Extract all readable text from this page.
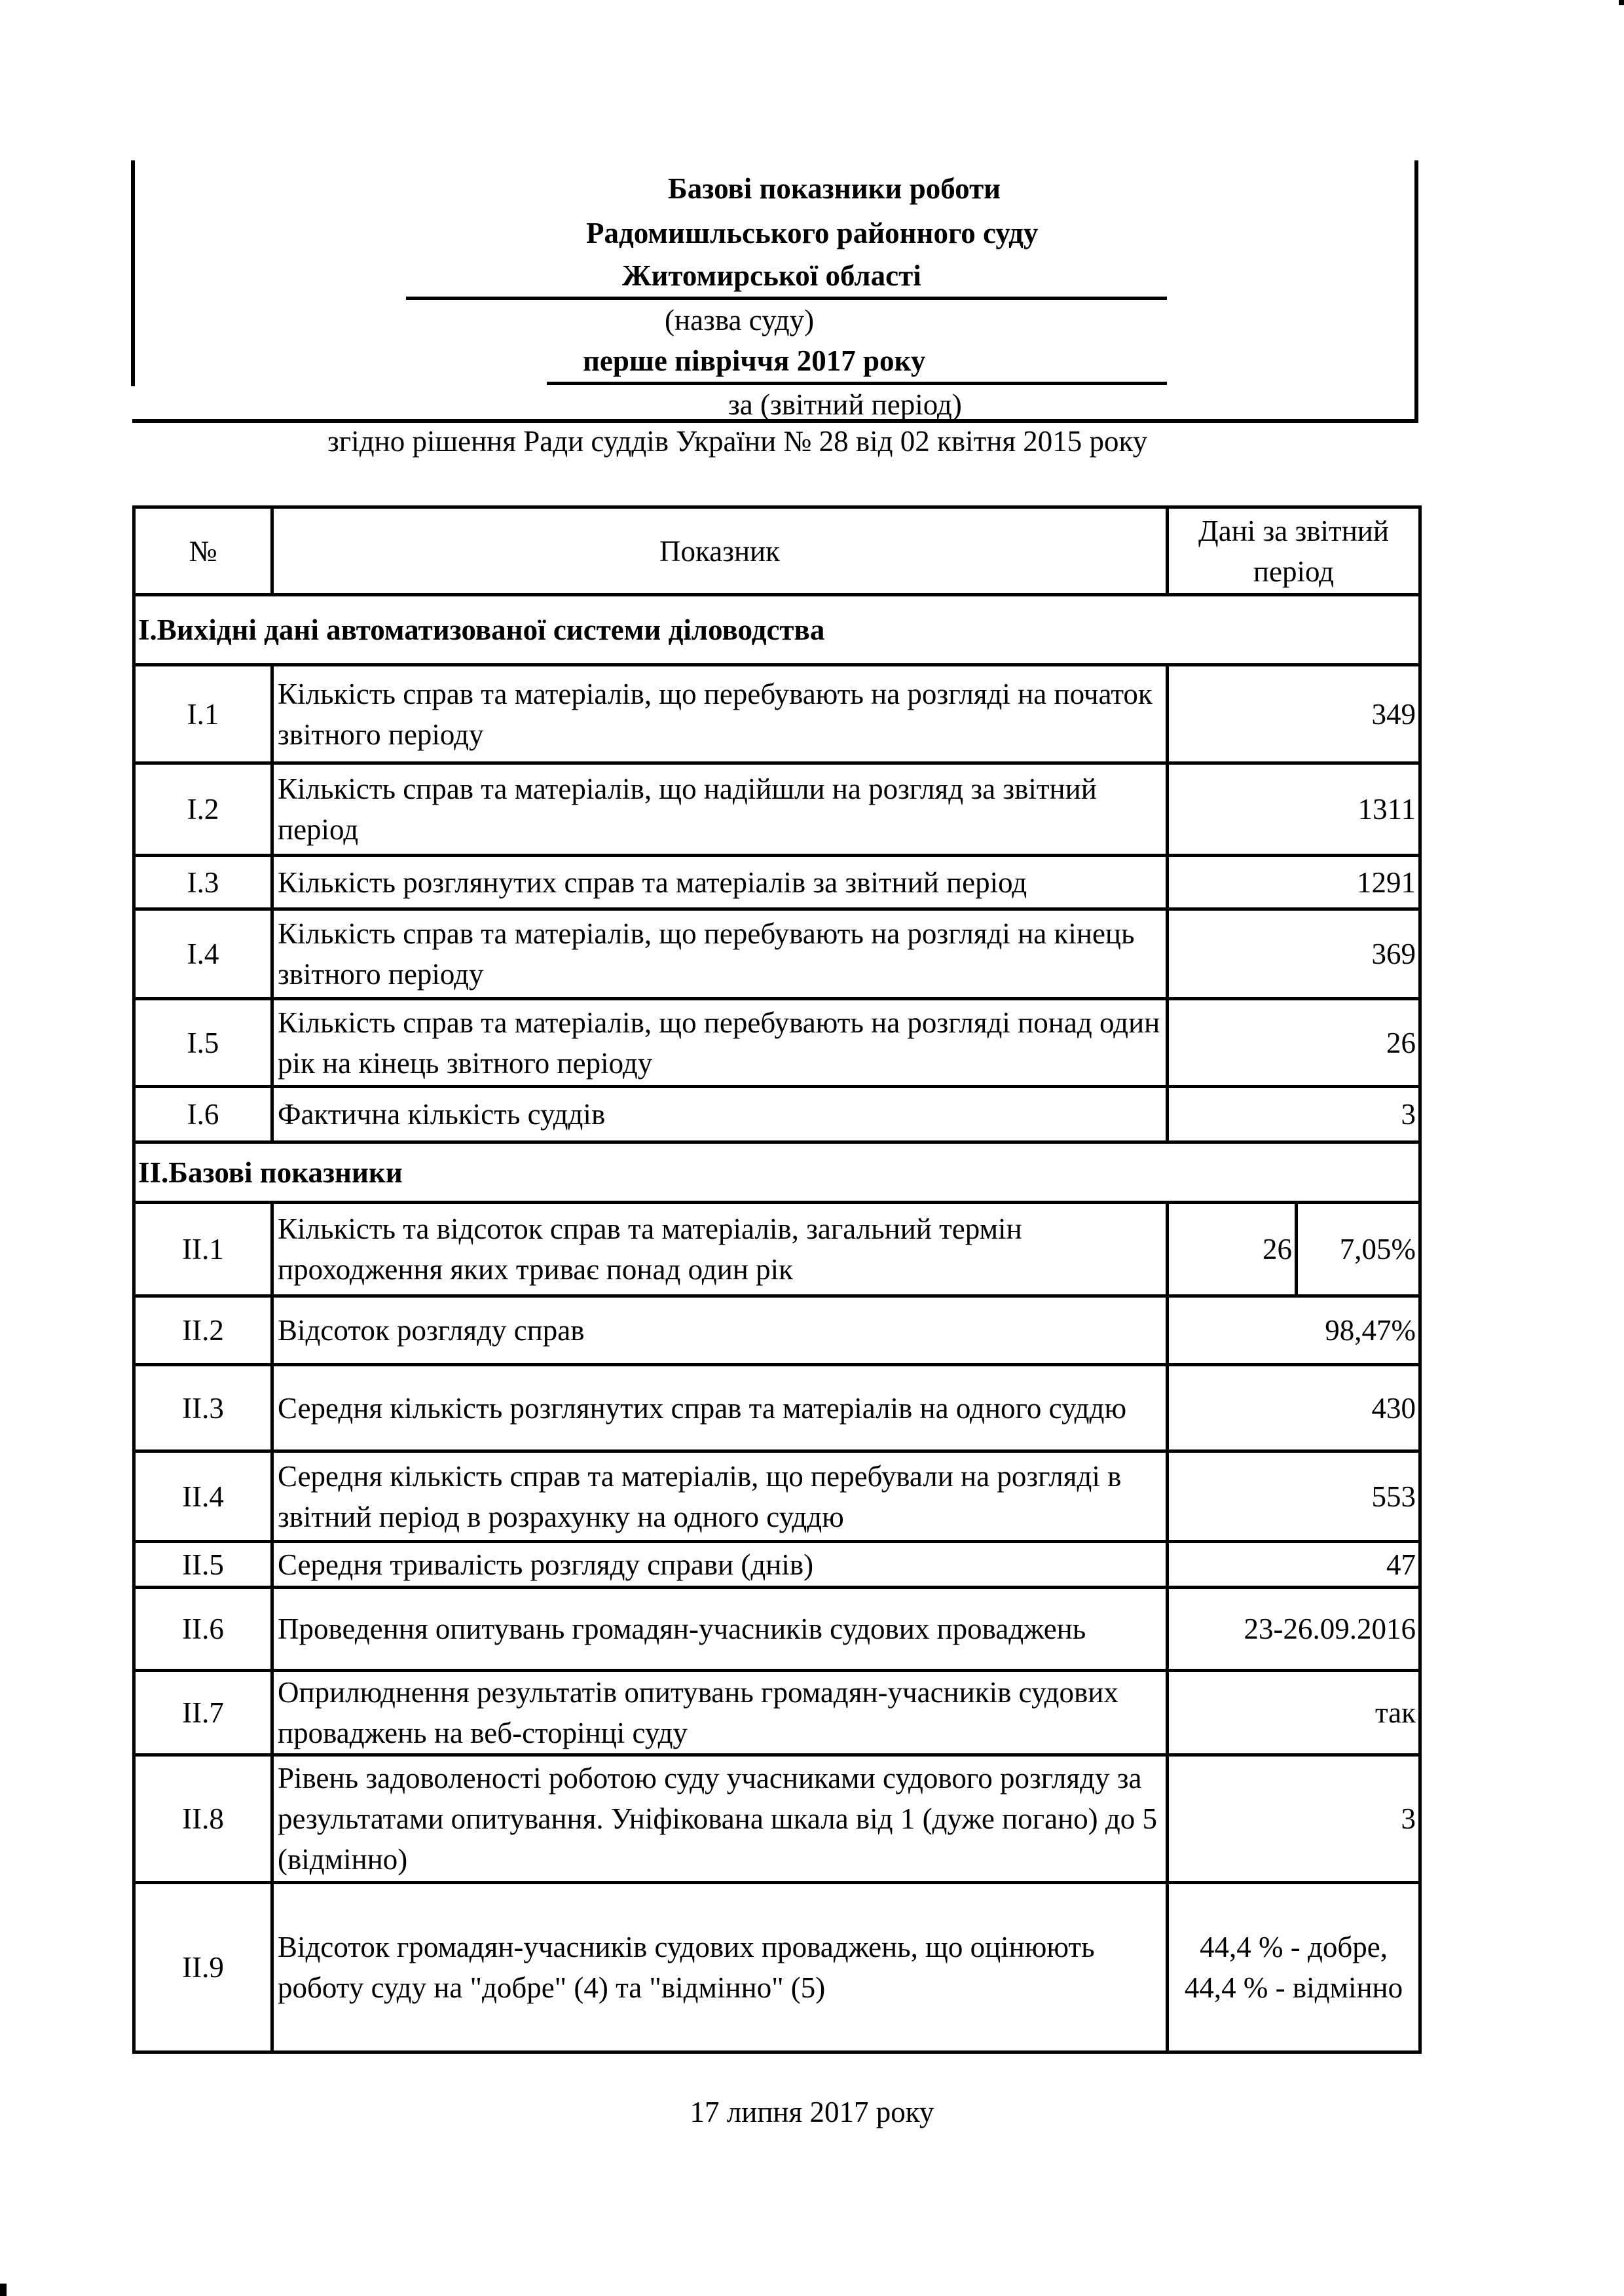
Базові показники роботи
Радомишльського районного суду
Житомирської області
(назва суду)
перше півріччя 2017 року
за (звітний період)
згідно рішення Ради суддів України № 28 від 02 квітня 2015 року
№	Показник	Дані за звітний період	
I.Вихідні дані автоматизованої системи діловодства			
I.1	Кількість справ та матеріалів, що перебувають на розгляді на початок звітного періоду	349	
I.2	Кількість справ та матеріалів, що надійшли на розгляд за звітний період	1311	
I.3	Кількість розглянутих справ та матеріалів за звітний період	1291	
I.4	Кількість справ та матеріалів, що перебувають на розгляді на кінець звітного періоду	369	
I.5	Кількість справ та матеріалів, що перебувають на розгляді понад один рік на кінець звітного періоду	26	
I.6	Фактична кількість суддів	3	
II.Базові показники			
II.1	Кількість та відсоток справ та матеріалів, загальний термін проходження яких триває понад один рік	26	7,05%
II.2	Відсоток розгляду справ	98,47%	
II.3	Середня кількість розглянутих справ та матеріалів на одного суддю	430	
II.4	Середня кількість справ та матеріалів, що перебували на розгляді в звітний період в розрахунку на одного суддю	553	
II.5	Середня тривалість розгляду справи (днів)	47	
II.6	Проведення опитувань громадян-учасників судових проваджень	23-26.09.2016	
II.7	Оприлюднення результатів опитувань громадян-учасників судових проваджень на веб-сторінці суду	так	
II.8	Рівень задоволеності роботою суду учасниками судового розгляду за результатами опитування. Уніфікована шкала від 1 (дуже погано) до 5 (відмінно)	3	
II.9	Відсоток громадян-учасників судових проваджень, що оцінюють роботу суду на "добре" (4) та "відмінно" (5)	44,4 % - добре, 44,4 % - відмінно	
17 липня 2017 року
